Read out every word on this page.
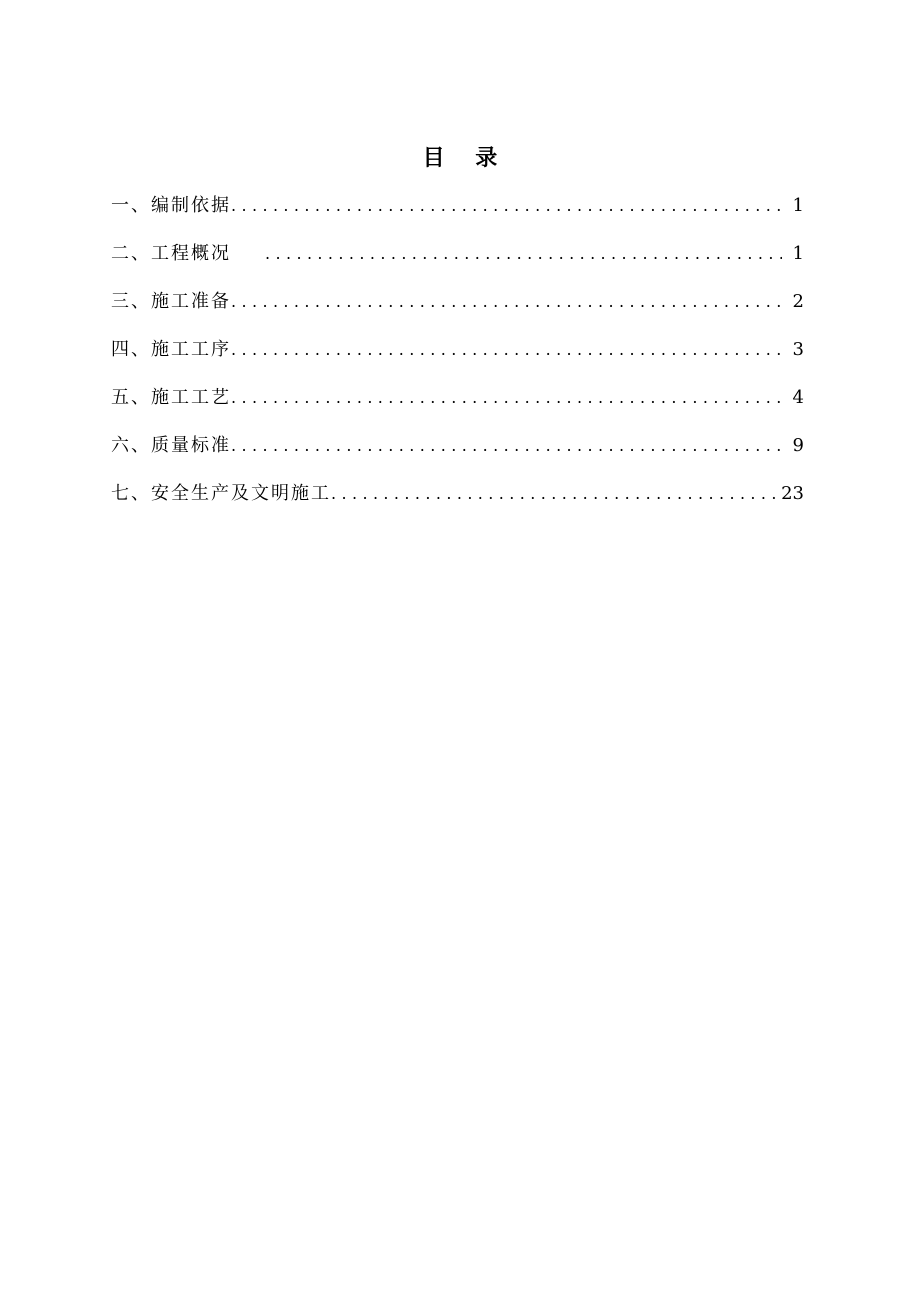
目    录
一、编制依据 .....	1
二、工程概况 .....	1
三、施工准备 .....	2
四、施工工序 .....	3
五、施工工艺 .....	4
六、质量标准 .....	9
七、安全生产及文明施工 .....	23
